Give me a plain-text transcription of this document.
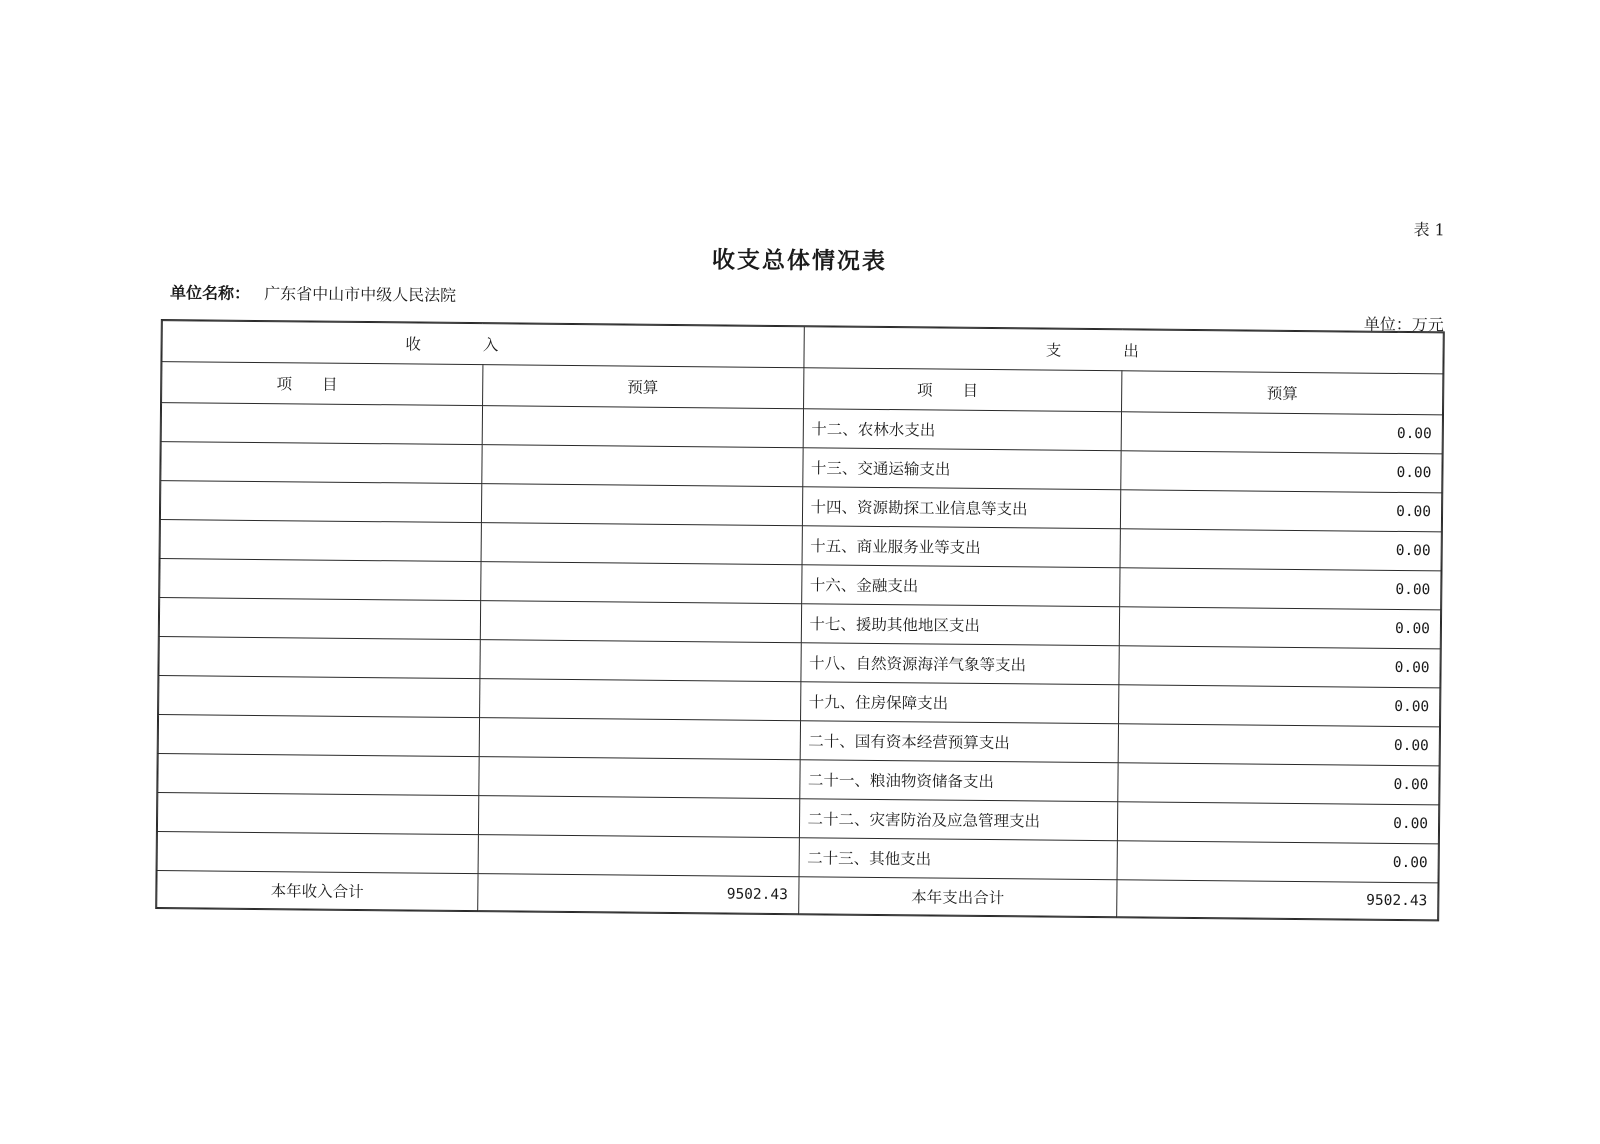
表 1
收支总体情况表
单位名称： 广东省中山市中级人民法院
单位：万元
收入		支出	
项目	预算	项目	预算
		十二、农林水支出	0.00
		十三、交通运输支出	0.00
		十四、资源勘探工业信息等支出	0.00
		十五、商业服务业等支出	0.00
		十六、金融支出	0.00
		十七、援助其他地区支出	0.00
		十八、自然资源海洋气象等支出	0.00
		十九、住房保障支出	0.00
		二十、国有资本经营预算支出	0.00
		二十一、粮油物资储备支出	0.00
		二十二、灾害防治及应急管理支出	0.00
		二十三、其他支出	0.00
本年收入合计	9502.43	本年支出合计	9502.43
